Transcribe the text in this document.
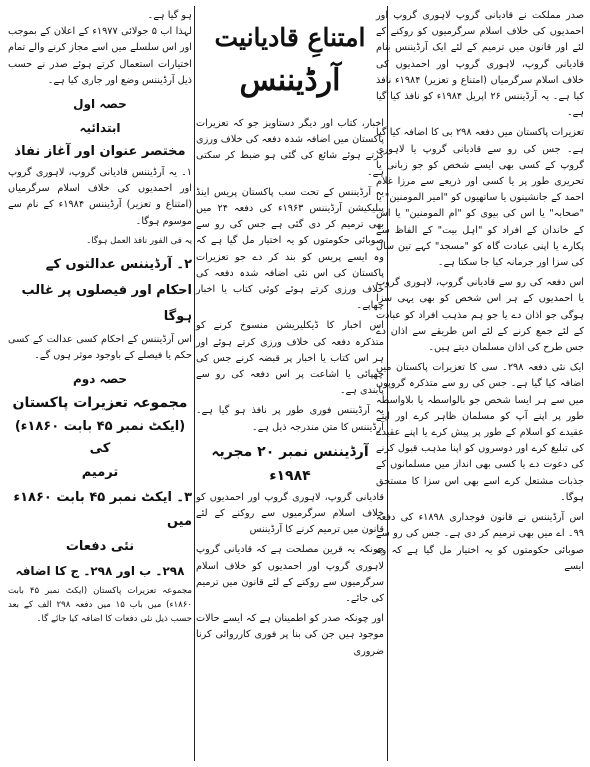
صدر مملکت نے قادیانی گروپ لاہوری گروپ اور احمدیوں کی خلاف اسلام سرگرمیوں کو روکنے کے لئے اور قانون میں ترمیم کے لئے ایک آرڈیننس بنام قادیانی گروپ، لاہوری گروپ اور احمدیوں کی خلاف اسلام سرگرمیاں (امتناع و تعزیر) ۱۹۸۴ء نافذ کیا ہے۔ یہ آرڈیننس ۲۶ اپریل ۱۹۸۴ء کو نافذ کیا گیا ہے۔

تعزیرات پاکستان میں دفعہ ۲۹۸ بی کا اضافہ کیا گیا ہے۔ جس کی رو سے قادیانی گروپ یا لاہوری گروپ کے کسی بھی ایسے شخص کو جو زبانی یا تحریری طور پر یا کسی اور ذریعے سے مرزا غلام احمد کے جانشینوں یا ساتھیوں کو "امیر المومنین" یا "صحابہ" یا اس کی بیوی کو "ام المومنین" یا اس کے خاندان کے افراد کو "اہل بیت" کے الفاظ سے پکارے یا اپنی عبادت گاہ کو "مسجد" کہے تین سال کی سزا اور جرمانہ کیا جا سکتا ہے۔

اس دفعہ کی رو سے قادیانی گروپ، لاہوری گروپ یا احمدیوں کے ہر اس شخص کو بھی یہی سزا ہوگی جو اذان دے یا جو ہم مذہب افراد کو عبادت کے لئے جمع کرنے کے لئے اس طریقے سے اذان دے جس طرح کی اذان مسلمان دیتے ہیں۔

ایک نئی دفعہ ۲۹۸۔ سی کا تعزیرات پاکستان میں اضافہ کیا گیا ہے۔ جس کی رو سے متذکرہ گروپوں میں سے ہر ایسا شخص جو بالواسطہ یا بلاواسطہ طور پر اپنے آپ کو مسلمان ظاہر کرے اور اپنے عقیدے کو اسلام کے طور پر پیش کرے یا اپنے عقیدے کی تبلیغ کرے اور دوسروں کو اپنا مذہب قبول کرنے کی دعوت دے یا کسی بھی انداز میں مسلمانوں کے جذبات مشتعل کرے اسے بھی اس سزا کا مستحق ہوگا۔

اس آرڈیننس نے قانون فوجداری ۱۸۹۸ء کی دفعہ ۹۹۔ اے میں بھی ترمیم کر دی ہے۔ جس کی رو سے صوبائی حکومتوں کو یہ اختیار مل گیا ہے کہ وہ ایسے

امتناعِ قادیانیت

آرڈیننس

اخبار، کتاب اور دیگر دستاویز جو کہ تعزیرات پاکستان میں اضافہ شدہ دفعہ کی خلاف ورزی کرتے ہوئے شائع کی گئی ہو ضبط کر سکتی ہے۔

یہ آرڈیننس کے تحت سب پاکستان پریس اینڈ پبلیکیشن آرڈیننس ۱۹۶۳ء کی دفعہ ۲۴ میں بھی ترمیم کر دی گئی ہے جس کی رو سے صوبائی حکومتوں کو یہ اختیار مل گیا ہے کہ وہ ایسے پریس کو بند کر دے جو تعزیرات پاکستان کی اس نئی اضافہ شدہ دفعہ کی خلاف ورزی کرتے ہوئے کوئی کتاب یا اخبار چھاپے۔

اس اخبار کا ڈیکلیریشن منسوخ کرنے کو متذکرہ دفعہ کی خلاف ورزی کرتے ہوئے اور ہر اس کتاب یا اخبار پر قبضہ کرنے جس کی چھپائی یا اشاعت پر اس دفعہ کی رو سے پابندی ہے۔

یہ آرڈیننس فوری طور پر نافذ ہو گیا ہے۔ آرڈیننس کا متن مندرجہ ذیل ہے۔

آرڈیننس نمبر ۲۰ مجریہ ۱۹۸۴ء

قادیانی گروپ، لاہوری گروپ اور احمدیوں کو خلاف اسلام سرگرمیوں سے روکنے کے لئے قانون میں ترمیم کرنے کا آرڈیننس

چونکہ یہ قرین مصلحت ہے کہ قادیانی گروپ لاہوری گروپ اور احمدیوں کو خلاف اسلام سرگرمیوں سے روکنے کے لئے قانون میں ترمیم کی جائے۔

اور چونکہ صدر کو اطمینان ہے کہ ایسے حالات موجود ہیں جن کی بنا پر فوری کارروائی کرنا ضروری

ہو گیا ہے۔

لہذا اب ۵ جولائی ۱۹۷۷ء کے اعلان کے بموجب اور اس سلسلے میں اسے مجاز کرنے والے تمام اختیارات استعمال کرتے ہوئے صدر نے حسب ذیل آرڈیننس وضع اور جاری کیا ہے۔

حصہ اول

ابتدائیہ

مختصر عنوان اور آغاز نفاذ

۱۔ یہ آرڈیننس قادیانی گروپ، لاہوری گروپ اور احمدیوں کی خلاف اسلام سرگرمیاں (امتناع و تعزیر) آرڈیننس ۱۹۸۴ء کے نام سے موسوم ہوگا۔

یہ فی الفور نافذ العمل ہوگا۔

۲۔ آرڈیننس عدالتوں کے احکام اور فیصلوں پر غالب ہوگا

اس آرڈیننس کے احکام کسی عدالت کے کسی حکم یا فیصلے کے باوجود موثر ہوں گے۔

حصہ دوم

مجموعہ تعزیرات پاکستان

(ایکٹ نمبر ۴۵ بابت ۱۸۶۰ء) کی

ترمیم

۳۔ ایکٹ نمبر ۴۵ بابت ۱۸۶۰ء میں

نئی دفعات

۲۹۸۔ ب اور ۲۹۸۔ ج کا اضافہ

مجموعہ تعزیرات پاکستان (ایکٹ نمبر ۴۵ بابت ۱۸۶۰ء) میں باب ۱۵ میں دفعہ ۲۹۸ الف کے بعد حسب ذیل نئی دفعات کا اضافہ کیا جائے گا۔
